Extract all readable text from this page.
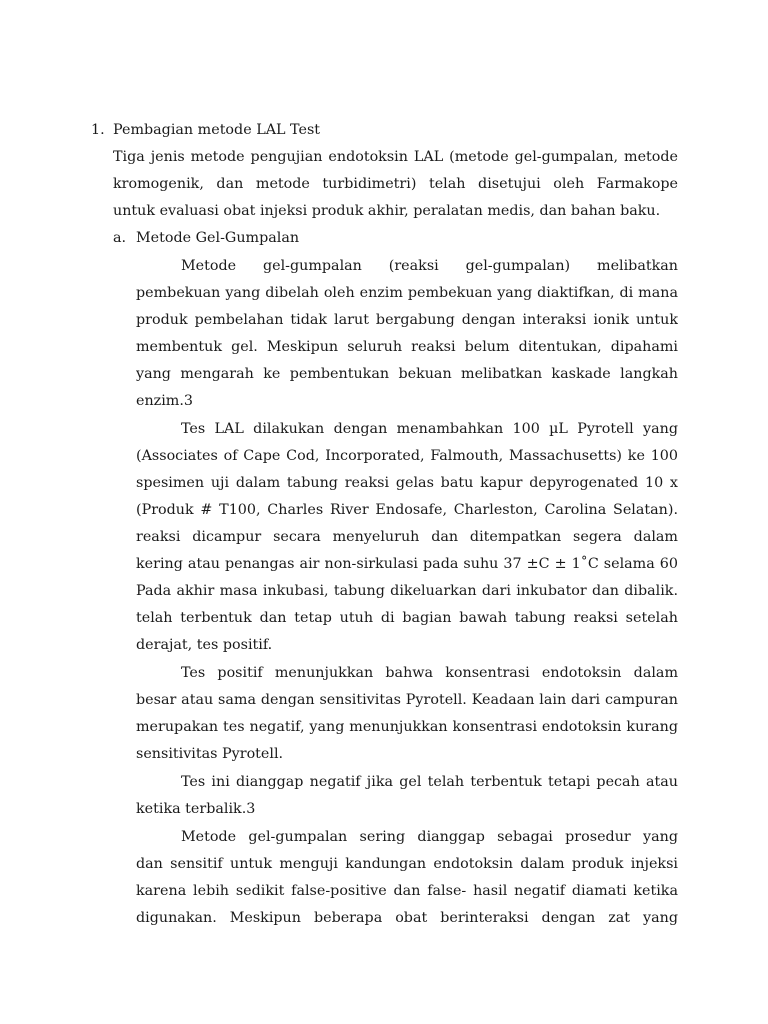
1. Pembagian metode LAL Test

Tiga jenis metode pengujian endotoksin LAL (metode gel-gumpalan, metode

kromogenik, dan metode turbidimetri) telah disetujui oleh Farmakope

untuk evaluasi obat injeksi produk akhir, peralatan medis, dan bahan baku.

a. Metode Gel-Gumpalan

Metode gel-gumpalan (reaksi gel-gumpalan) melibatkan

pembekuan yang dibelah oleh enzim pembekuan yang diaktifkan, di mana

produk pembelahan tidak larut bergabung dengan interaksi ionik untuk

membentuk gel. Meskipun seluruh reaksi belum ditentukan, dipahami

yang mengarah ke pembentukan bekuan melibatkan kaskade langkah

enzim.3

Tes LAL dilakukan dengan menambahkan 100 µL Pyrotell yang

(Associates of Cape Cod, Incorporated, Falmouth, Massachusetts) ke 100

spesimen uji dalam tabung reaksi gelas batu kapur depyrogenated 10 x

(Produk # T100, Charles River Endosafe, Charleston, Carolina Selatan).

reaksi dicampur secara menyeluruh dan ditempatkan segera dalam

kering atau penangas air non-sirkulasi pada suhu 37 ±C ± 1˚C selama 60

Pada akhir masa inkubasi, tabung dikeluarkan dari inkubator dan dibalik.

telah terbentuk dan tetap utuh di bagian bawah tabung reaksi setelah

derajat, tes positif.

Tes positif menunjukkan bahwa konsentrasi endotoksin dalam

besar atau sama dengan sensitivitas Pyrotell. Keadaan lain dari campuran

merupakan tes negatif, yang menunjukkan konsentrasi endotoksin kurang

sensitivitas Pyrotell.

Tes ini dianggap negatif jika gel telah terbentuk tetapi pecah atau

ketika terbalik.3

Metode gel-gumpalan sering dianggap sebagai prosedur yang

dan sensitif untuk menguji kandungan endotoksin dalam produk injeksi

karena lebih sedikit false-positive dan false- hasil negatif diamati ketika

digunakan. Meskipun beberapa obat berinteraksi dengan zat yang
